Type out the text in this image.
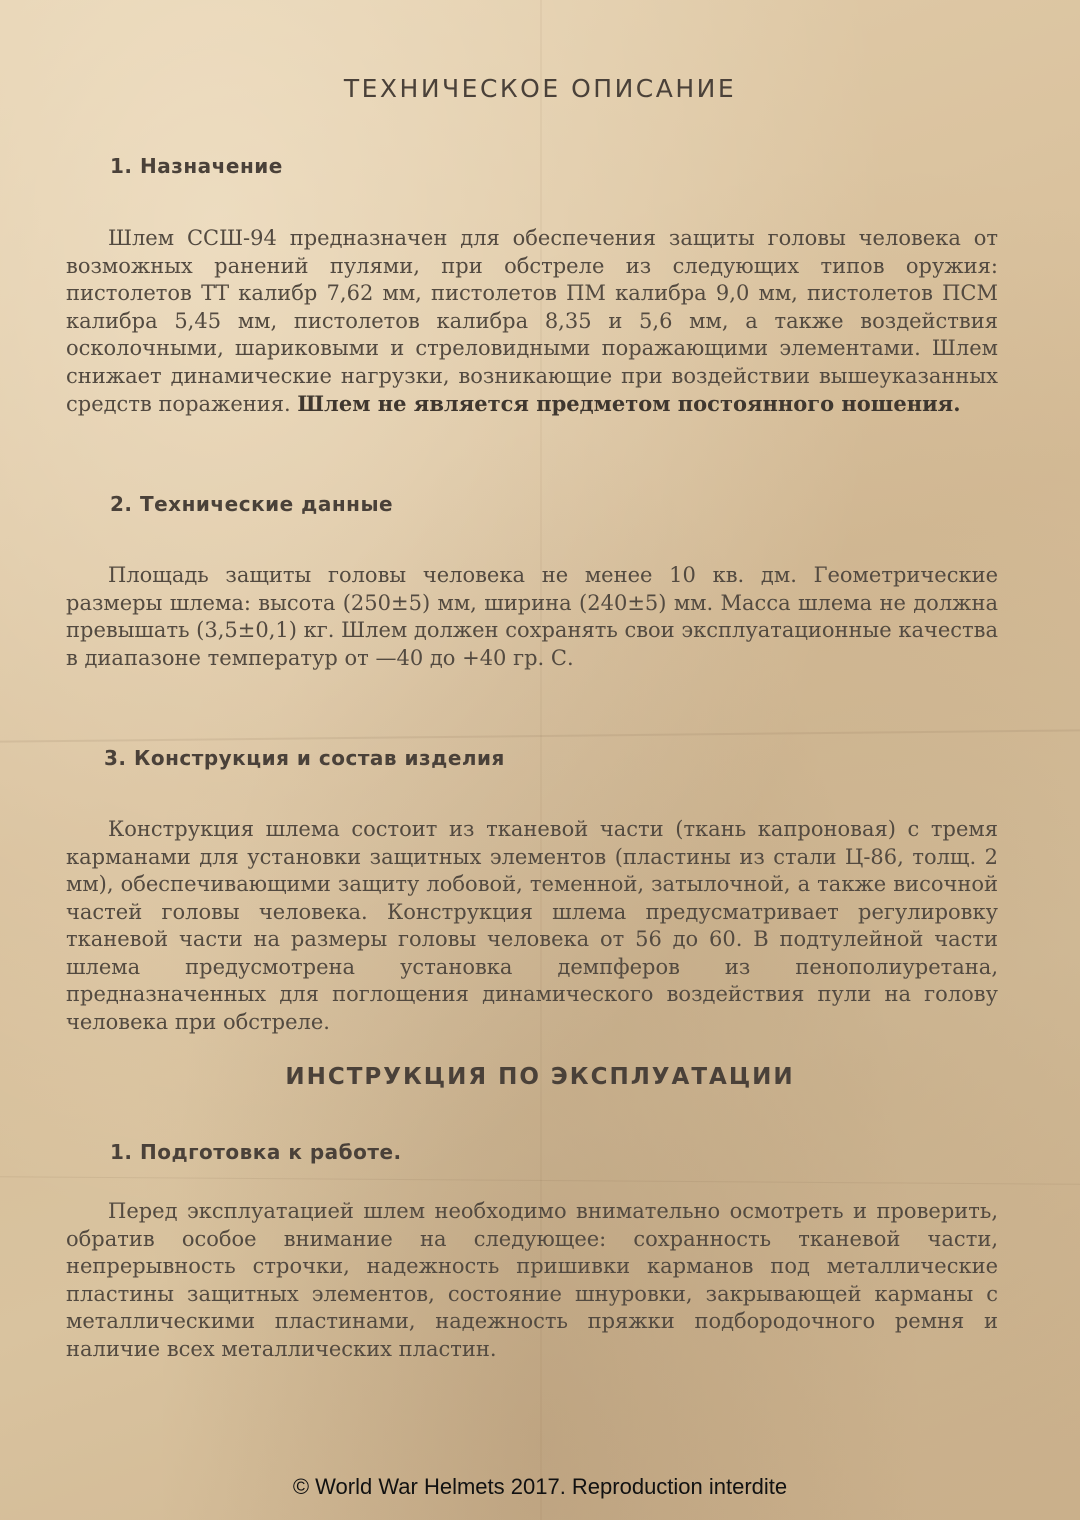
ТЕХНИЧЕСКОЕ ОПИСАНИЕ
1. Назначение

Шлем ССШ-94 предназначен для обеспечения защиты головы человека от возможных ранений пулями, при обстреле из следующих типов оружия: пистолетов ТТ калибр 7,62 мм, пистолетов ПМ калибра 9,0 мм, пистолетов ПСМ калибра 5,45 мм, пистолетов калибра 8,35 и 5,6 мм, а также воздействия осколочными, шариковыми и стреловидными поражающими элементами. Шлем снижает динамические нагрузки, возникающие при воздействии вышеуказанных средств поражения. Шлем не является предметом постоянного ношения.

2. Технические данные

Площадь защиты головы человека не менее 10 кв. дм. Геометрические размеры шлема: высота (250±5) мм, ширина (240±5) мм. Масса шлема не должна превышать (3,5±0,1) кг. Шлем должен сохранять свои эксплуатационные качества в диапазоне температур от —40 до +40 гр. С.

3. Конструкция и состав изделия

Конструкция шлема состоит из тканевой части (ткань капроновая) с тремя карманами для установки защитных элементов (пластины из стали Ц-86, толщ. 2 мм), обеспечивающими защиту лобовой, теменной, затылочной, а также височной частей головы человека. Конструкция шлема предусматривает регулировку тканевой части на размеры головы человека от 56 до 60. В подтулейной части шлема предусмотрена установка демпферов из пенополиуретана, предназначенных для поглощения динамического воздействия пули на голову человека при обстреле.

ИНСТРУКЦИЯ ПО ЭКСПЛУАТАЦИИ
1. Подготовка к работе.

Перед эксплуатацией шлем необходимо внимательно осмотреть и проверить, обратив особое внимание на следующее: сохранность тканевой части, непрерывность строчки, надежность пришивки карманов под металлические пластины защитных элементов, состояние шнуровки, закрывающей карманы с металлическими пластинами, надежность пряжки подбородочного ремня и наличие всех металлических пластин.

© World War Helmets 2017. Reproduction interdite
